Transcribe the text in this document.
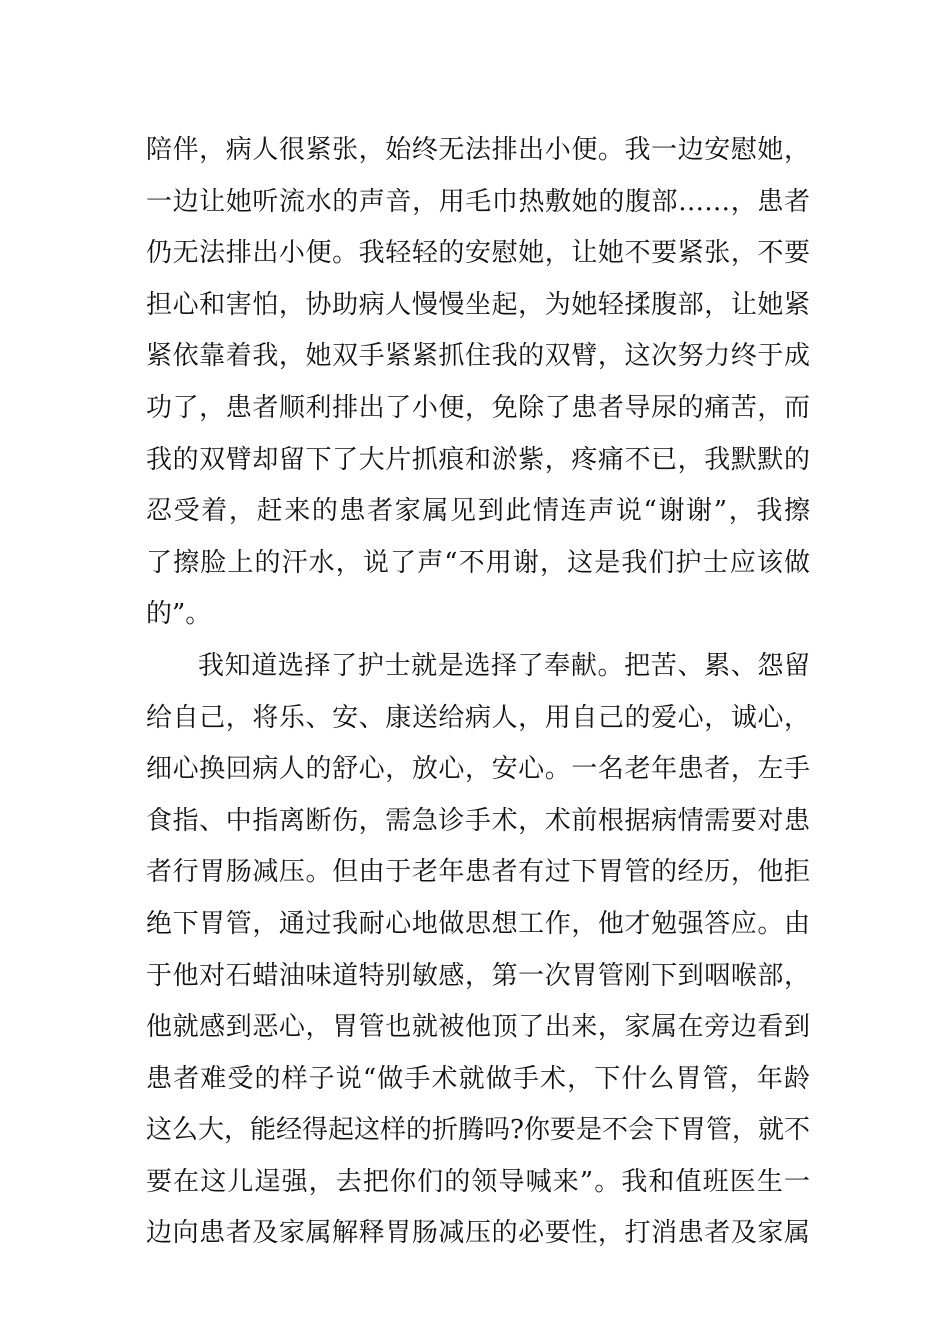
陪伴，病人很紧张，始终无法排出小便。我一边安慰她，
一边让她听流水的声音，用毛巾热敷她的腹部……，患者
仍无法排出小便。我轻轻的安慰她，让她不要紧张，不要
担心和害怕，协助病人慢慢坐起，为她轻揉腹部，让她紧
紧依靠着我，她双手紧紧抓住我的双臂，这次努力终于成
功了，患者顺利排出了小便，免除了患者导尿的痛苦，而
我的双臂却留下了大片抓痕和淤紫，疼痛不已，我默默的
忍受着，赶来的患者家属见到此情连声说“谢谢”，我擦
了擦脸上的汗水，说了声“不用谢，这是我们护士应该做
的”。
我知道选择了护士就是选择了奉献。把苦、累、怨留
给自己，将乐、安、康送给病人，用自己的爱心，诚心，
细心换回病人的舒心，放心，安心。一名老年患者，左手
食指、中指离断伤，需急诊手术，术前根据病情需要对患
者行胃肠减压。但由于老年患者有过下胃管的经历，他拒
绝下胃管，通过我耐心地做思想工作，他才勉强答应。由
于他对石蜡油味道特别敏感，第一次胃管刚下到咽喉部，
他就感到恶心，胃管也就被他顶了出来，家属在旁边看到
患者难受的样子说“做手术就做手术，下什么胃管，年龄
这么大，能经得起这样的折腾吗?你要是不会下胃管，就不
要在这儿逞强，去把你们的领导喊来”。我和值班医生一
边向患者及家属解释胃肠减压的必要性，打消患者及家属
